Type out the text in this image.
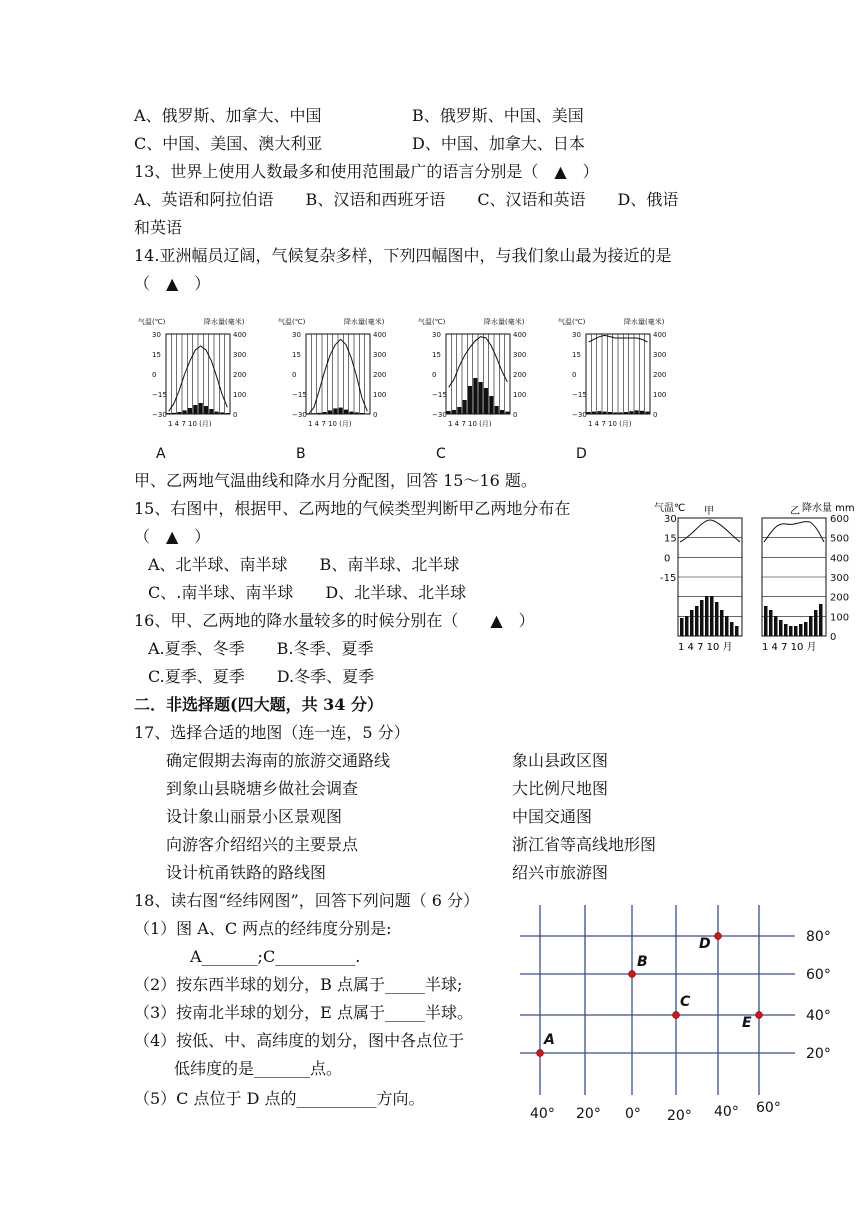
A、俄罗斯、加拿大、中国	B、俄罗斯、中国、美国
C、中国、美国、澳大利亚	D、中国、加拿大、日本
13、世界上使用人数最多和使用范围最广的语言分别是（　▲　）
A、英语和阿拉伯语　　B、汉语和西班牙语　　C、汉语和英语　　D、俄语
和英语
14.亚洲幅员辽阔，气候复杂多样，下列四幅图中，与我们象山最为接近的是
（　▲　）
气温(℃)	降水量(毫米)
30	400
15	300
0	200
−15	100
−30	0
1 4 7 10 (月)
A
气温(℃)	降水量(毫米)
30	400
15	300
0	200
−15	100
−30	0
1 4 7 10 (月)
B
气温(℃)	降水量(毫米)
30	400
15	300
0	200
−15	100
−30	0
1 4 7 10 (月)
C
气温(℃)	降水量(毫米)
30	400
15	300
0	200
−15	100
−30	0
1 4 7 10 (月)
D
甲、乙两地气温曲线和降水月分配图，回答 15～16 题。
15、右图中，根据甲、乙两地的气候类型判断甲乙两地分布在
（　▲　）
A、北半球、南半球　　B、南半球、北半球
C、.南半球、南半球　　D、北半球、北半球
16、甲、乙两地的降水量较多的时候分别在（　　▲　）
A.夏季、冬季　　B.冬季、夏季
C.夏季、夏季　　D.冬季、夏季
气温℃ 甲	乙 降水量 mm
30
15
0
-15
600
500
400
300
200
100
0
1 4 7 10 月	1 4 7 10 月
二．非选择题(四大题，共 34 分）
17、选择合适的地图（连一连，5 分）
确定假期去海南的旅游交通路线	象山县政区图
到象山县晓塘乡做社会调查	大比例尺地图
设计象山丽景小区景观图	中国交通图
向游客介绍绍兴的主要景点	浙江省等高线地形图
设计杭甬铁路的路线图	绍兴市旅游图
18、读右图“经纬网图”，回答下列问题（ 6 分）
（1）图 A、C 两点的经纬度分别是:
A_______;C__________.
（2）按东西半球的划分，B 点属于_____半球;
（3）按南北半球的划分，E 点属于_____半球。
（4）按低、中、高纬度的划分，图中各点位于
低纬度的是_______点。
（5）C 点位于 D 点的__________方向。
80°
60°
40°
20°
40° 20° 0° 20° 40° 60°
A
B
C
D
E
